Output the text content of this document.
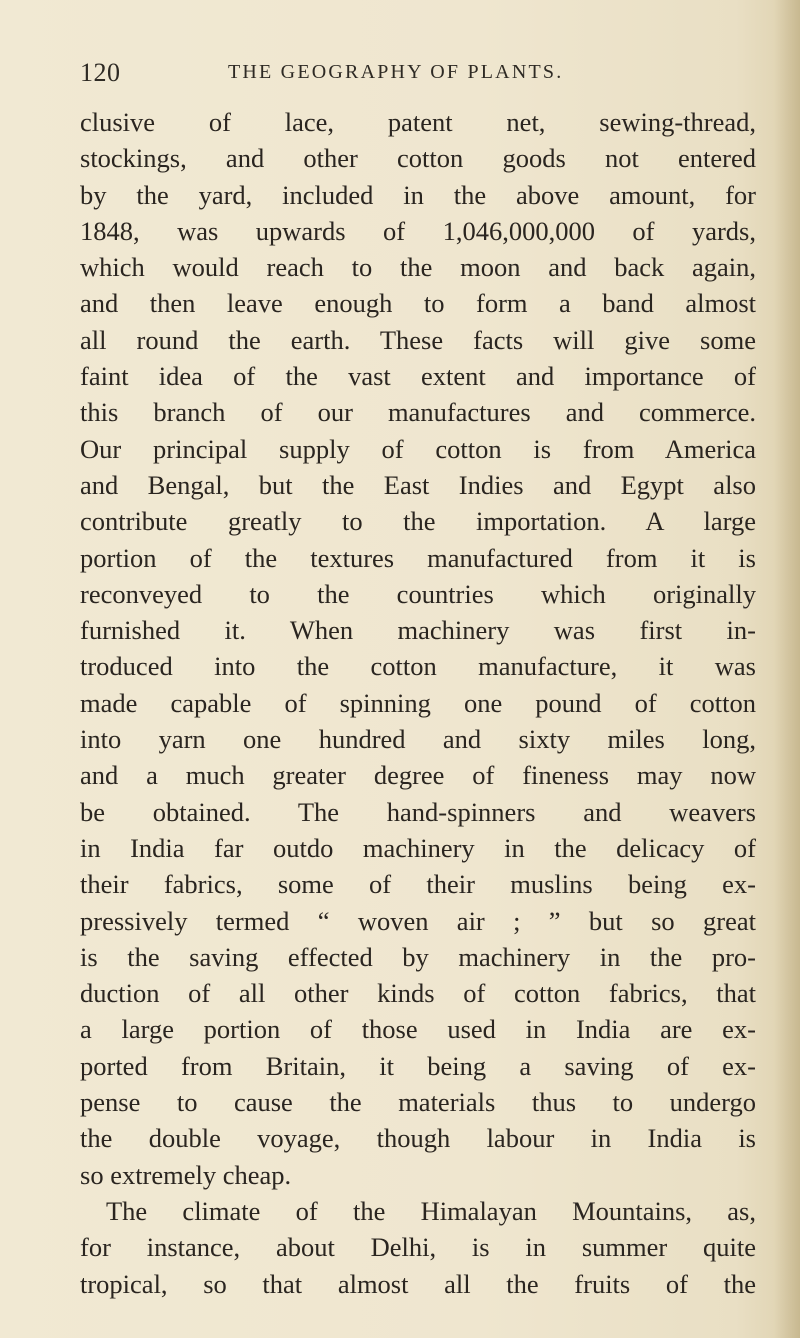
120	THE GEOGRAPHY OF PLANTS.
clusive of lace, patent net, sewing-thread,
stockings, and other cotton goods not entered
by the yard, included in the above amount, for
1848, was upwards of 1,046,000,000 of yards,
which would reach to the moon and back again,
and then leave enough to form a band almost
all round the earth. These facts will give some
faint idea of the vast extent and importance of
this branch of our manufactures and commerce.
Our principal supply of cotton is from America
and Bengal, but the East Indies and Egypt also
contribute greatly to the importation. A large
portion of the textures manufactured from it is
reconveyed to the countries which originally
furnished it. When machinery was first in-
troduced into the cotton manufacture, it was
made capable of spinning one pound of cotton
into yarn one hundred and sixty miles long,
and a much greater degree of fineness may now
be obtained. The hand-spinners and weavers
in India far outdo machinery in the delicacy of
their fabrics, some of their muslins being ex-
pressively termed “ woven air ; ” but so great
is the saving effected by machinery in the pro-
duction of all other kinds of cotton fabrics, that
a large portion of those used in India are ex-
ported from Britain, it being a saving of ex-
pense to cause the materials thus to undergo
the double voyage, though labour in India is
so extremely cheap.
The climate of the Himalayan Mountains, as,
for instance, about Delhi, is in summer quite
tropical, so that almost all the fruits of the
